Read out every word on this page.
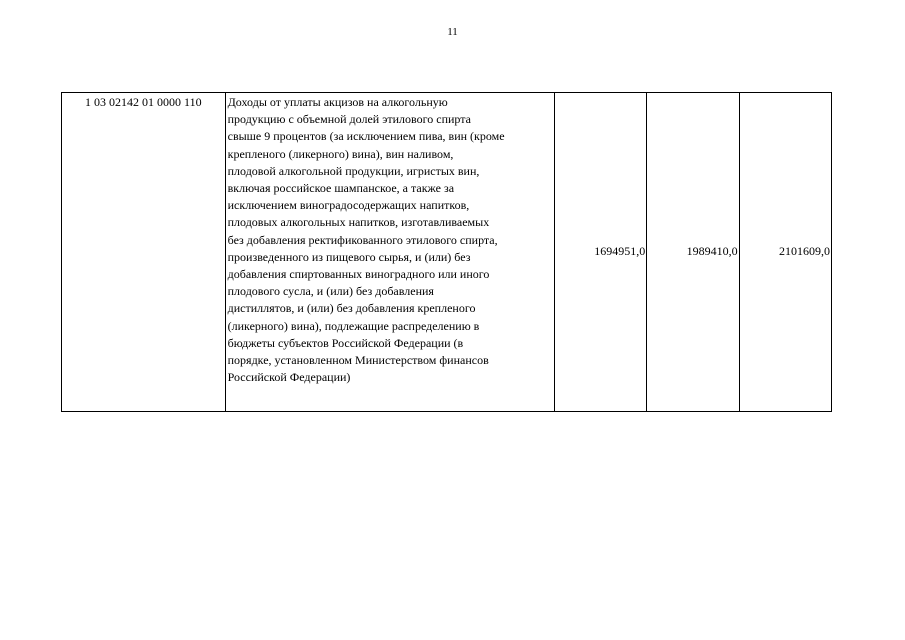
11
1 03 02142 01 0000 110	Доходы от уплаты акцизов на алкогольную
продукцию с объемной долей этилового спирта
свыше 9 процентов (за исключением пива, вин (кроме
крепленого (ликерного) вина), вин наливом,
плодовой алкогольной продукции, игристых вин,
включая российское шампанское, а также за
исключением виноградосодержащих напитков,
плодовых алкогольных напитков, изготавливаемых
без добавления ректификованного этилового спирта,
произведенного из пищевого сырья, и (или) без
добавления спиртованных виноградного или иного
плодового сусла, и (или) без добавления
дистиллятов, и (или) без добавления крепленого
(ликерного) вина), подлежащие распределению в
бюджеты субъектов Российской Федерации (в
порядке, установленном Министерством финансов
Российской Федерации)	1694951,0	1989410,0	2101609,0
